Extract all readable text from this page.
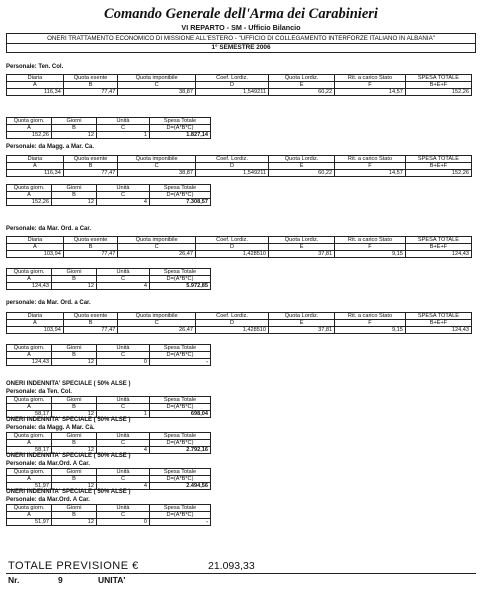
Comando Generale dell'Arma dei Carabinieri
VI REPARTO - SM - Ufficio Bilancio
ONERI TRATTAMENTO ECONOMICO DI MISSIONE ALL'ESTERO - "UFFICIO DI COLLEGAMENTO INTERFORZE ITALIANO IN ALBANIA"
1° SEMESTRE 2006
Personale: Ten. Col.
Diaria	Quota esente	Quota imponibile	Coef. Lordiz.	Quota Lordiz.	Rit. a carico Stato	SPESA TOTALE
A	B	C	D	E	F	B+E+F
116,34	77,47	38,87	1,549211	60,22	14,57	152,26
Quota giorn.	Giorni	Unità	Spesa Totale
A	B	C	D=(A*B*C)
152,26	12	1	1.827,14
Personale: da Magg. a Mar. Ca.
Diaria	Quota esente	Quota imponibile	Coef. Lordiz.	Quota Lordiz.	Rit. a carico Stato	SPESA TOTALE
A	B	C	D	E	F	B+E+F
116,34	77,47	38,87	1,549211	60,22	14,57	152,26
Quota giorn.	Giorni	Unità	Spesa Totale
A	B	C	D=(A*B*C)
152,26	12	4	7.308,57
Personale: da Mar. Ord. a Car.
Diaria	Quota esente	Quota imponibile	Coef. Lordiz.	Quota Lordiz.	Rit. a carico Stato	SPESA TOTALE
A	B	C	D	E	F	B+E+F
103,94	77,47	26,47	1,428510	37,81	9,15	124,43
Quota giorn.	Giorni	Unità	Spesa Totale
A	B	C	D=(A*B*C)
124,43	12	4	5.972,85
personale: da Mar. Ord. a Car.
Diaria	Quota esente	Quota imponibile	Coef. Lordiz.	Quota Lordiz.	Rit. a carico Stato	SPESA TOTALE
A	B	C	D	E	F	B+E+F
103,94	77,47	26,47	1,428510	37,81	9,15	124,43
Quota giorn.	Giorni	Unità	Spesa Totale
A	B	C	D=(A*B*C)
124,43	12	0	-
ONERI INDENNITA' SPECIALE ( 50% ALSE )
Personale: da Ten. Col.
Quota giorn.	Giorni	Unità	Spesa Totale
A	B	C	D=(A*B*C)
58,17	12	1	698,04
ONERI INDENNITA' SPECIALE ( 50% ALSE )
Personale: da Magg. A Mar. Cà.
Quota giorn.	Giorni	Unità	Spesa Totale
A	B	C	D=(A*B*C)
58,17	12	4	2.792,16
ONERI INDENNITA' SPECIALE ( 50% ALSE )
Personale: da Mar.Ord. A Car.
Quota giorn.	Giorni	Unità	Spesa Totale
A	B	C	D=(A*B*C)
51,97	12	4	2.494,56
ONERI INDENNITA' SPECIALE ( 50% ALSE )
Personale: da Mar.Ord. A Car.
Quota giorn.	Giorni	Unità	Spesa Totale
A	B	C	D=(A*B*C)
51,97	12	0	-
TOTALE PREVISIONE €	21.093,33
Nr.	9	UNITA'
